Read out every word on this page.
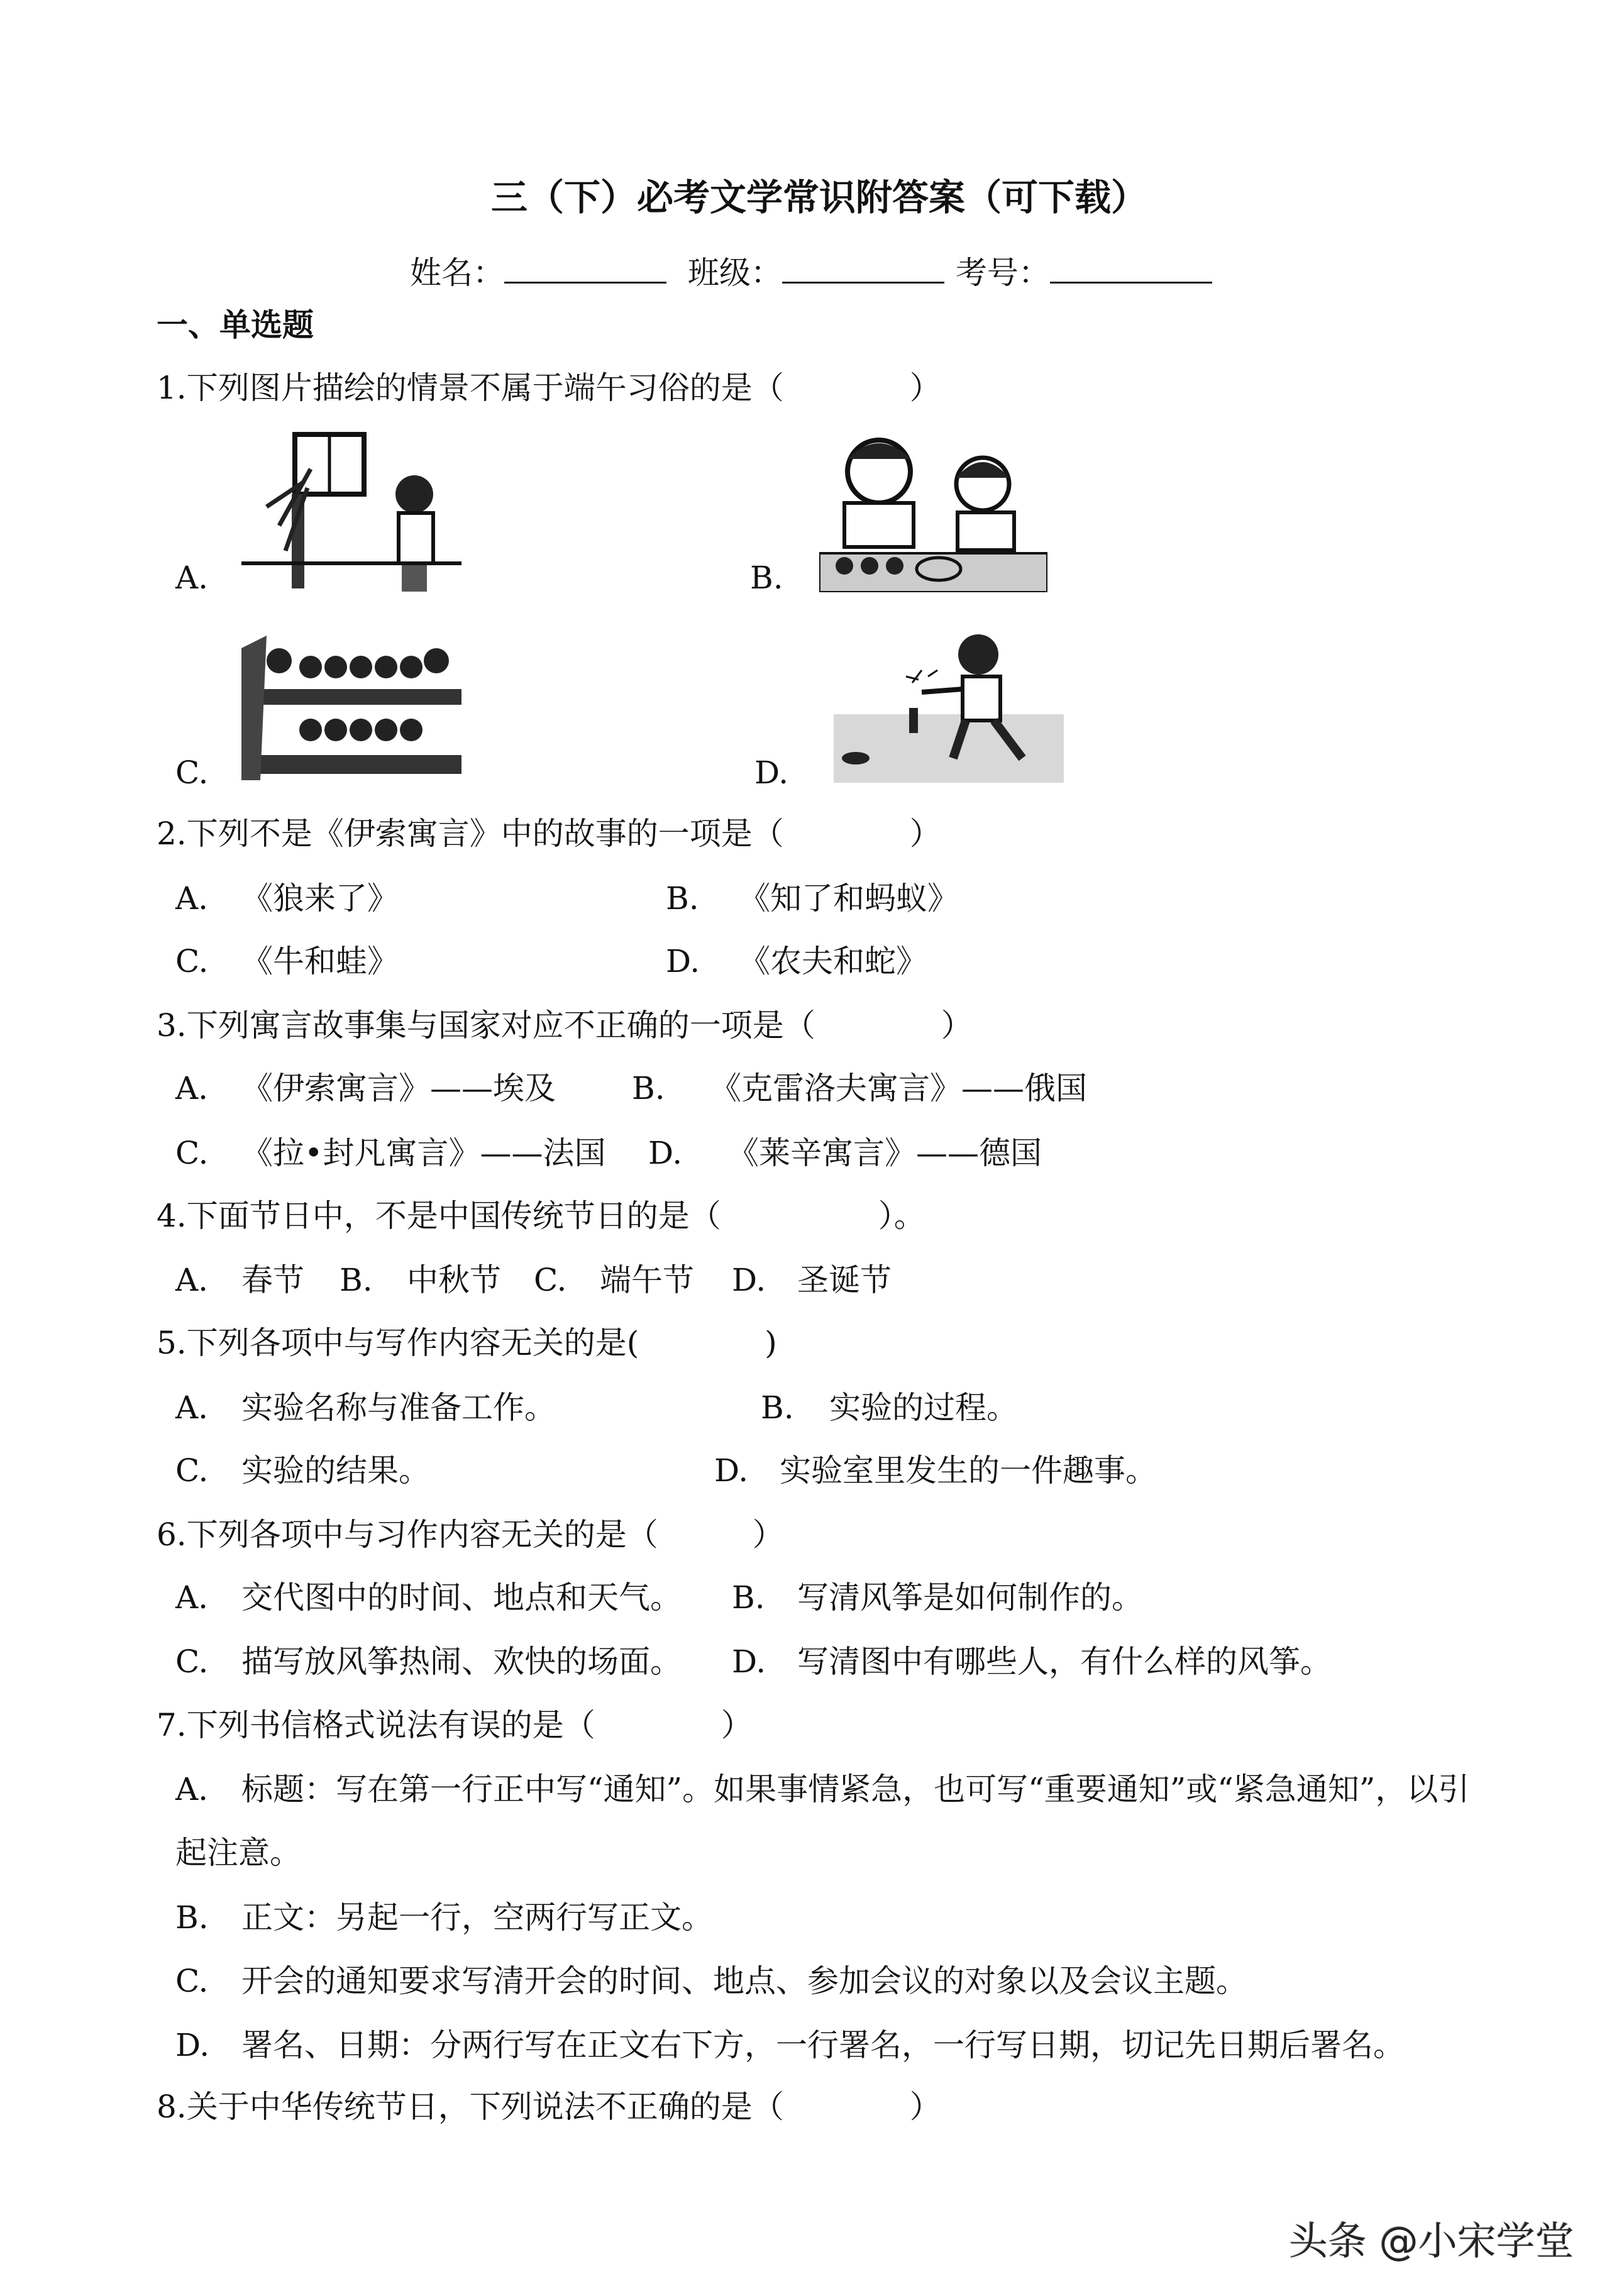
三（下）必考文学常识附答案（可下载）
姓名：	班级：	考号：
一、单选题
1.下列图片描绘的情景不属于端午习俗的是（　　　　）
A.	B.
C.	D.
2.下列不是《伊索寓言》中的故事的一项是（　　　　）
A. 《狼来了》	B. 《知了和蚂蚁》
C. 《牛和蛙》	D. 《农夫和蛇》
3.下列寓言故事集与国家对应不正确的一项是（　　　　）
A. 《伊索寓言》——埃及 B. 《克雷洛夫寓言》——俄国
C. 《拉•封凡寓言》——法国 D. 《莱辛寓言》——德国
4.下面节日中，不是中国传统节日的是（　　　　　）。
A. 春节 B. 中秋节 C. 端午节 D. 圣诞节
5.下列各项中与写作内容无关的是(　　　　)
A. 实验名称与准备工作。	B. 实验的过程。
C. 实验的结果。	D. 实验室里发生的一件趣事。
6.下列各项中与习作内容无关的是（　　　）
A. 交代图中的时间、地点和天气。 B. 写清风筝是如何制作的。
C. 描写放风筝热闹、欢快的场面。 D. 写清图中有哪些人，有什么样的风筝。
7.下列书信格式说法有误的是（　　　　）
A. 标题：写在第一行正中写“通知”。如果事情紧急，也可写“重要通知”或“紧急通知”，以引起注意。
B. 正文：另起一行，空两行写正文。
C. 开会的通知要求写清开会的时间、地点、参加会议的对象以及会议主题。
D. 署名、日期：分两行写在正文右下方，一行署名，一行写日期，切记先日期后署名。
8.关于中华传统节日，下列说法不正确的是（　　　　）
头条 @小宋学堂
